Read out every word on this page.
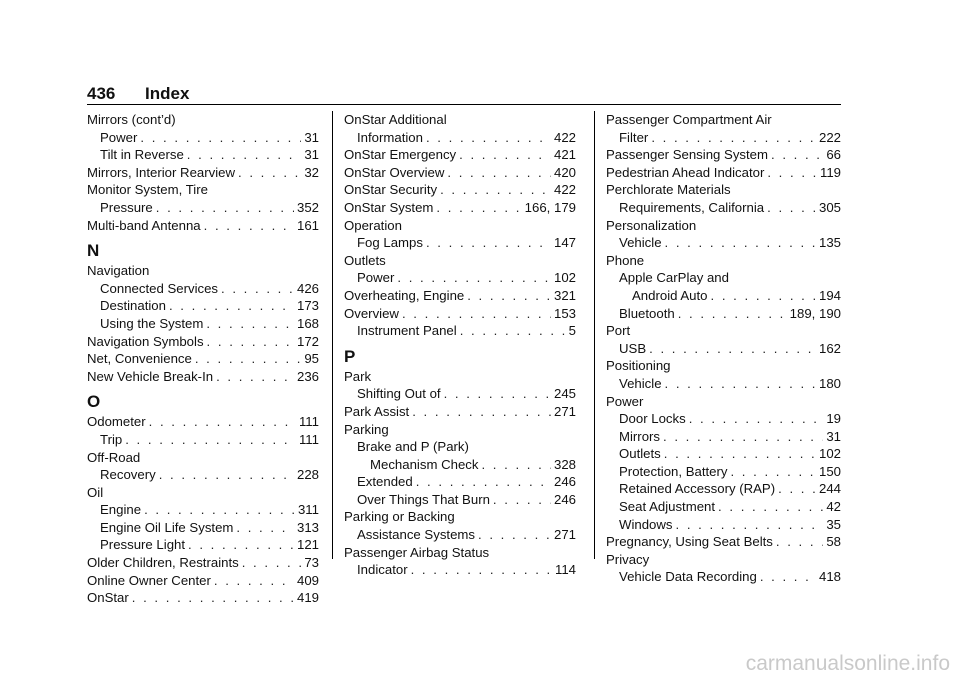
436 Index
Mirrors (cont’d)
Power . . .	31
Tilt in Reverse . . .	31
Mirrors, Interior Rearview . . .	32
Monitor System, Tire
Pressure . . .	352
Multi-band Antenna . . .	161
N
Navigation
Connected Services . . .	426
Destination . . .	173
Using the System . . .	168
Navigation Symbols . . .	172
Net, Convenience . . .	95
New Vehicle Break-In . . .	236
O
Odometer . . .	111
Trip . . .	111
Off-Road
Recovery . . .	228
Oil
Engine . . .	311
Engine Oil Life System . . .	313
Pressure Light . . .	121
Older Children, Restraints . . .	73
Online Owner Center . . .	409
OnStar . . .	419
OnStar Additional
Information . . .	422
OnStar Emergency . . .	421
OnStar Overview . . .	420
OnStar Security . . .	422
OnStar System . . .	166, 179
Operation
Fog Lamps . . .	147
Outlets
Power . . .	102
Overheating, Engine . . .	321
Overview . . .	153
Instrument Panel . . .	5
P
Park
Shifting Out of . . .	245
Park Assist . . .	271
Parking
Brake and P (Park)
Mechanism Check . . .	328
Extended . . .	246
Over Things That Burn . . .	246
Parking or Backing
Assistance Systems . . .	271
Passenger Airbag Status
Indicator . . .	114
Passenger Compartment Air
Filter . . .	222
Passenger Sensing System . . .	66
Pedestrian Ahead Indicator . . .	119
Perchlorate Materials
Requirements, California . . .	305
Personalization
Vehicle . . .	135
Phone
Apple CarPlay and
Android Auto . . .	194
Bluetooth . . .	189, 190
Port
USB . . .	162
Positioning
Vehicle . . .	180
Power
Door Locks . . .	19
Mirrors . . .	31
Outlets . . .	102
Protection, Battery . . .	150
Retained Accessory (RAP) . . .	244
Seat Adjustment . . .	42
Windows . . .	35
Pregnancy, Using Seat Belts . . .	58
Privacy
Vehicle Data Recording . . .	418
carmanualsonline.info
